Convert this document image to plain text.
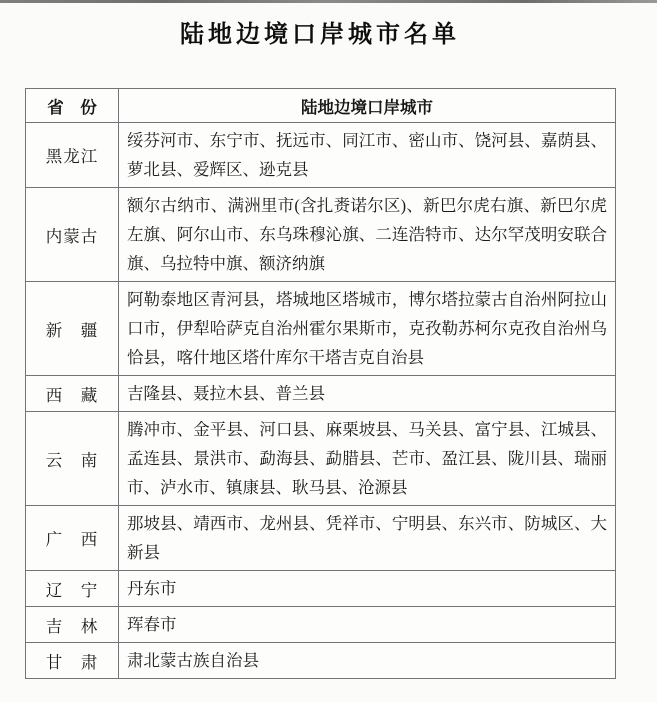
陆地边境口岸城市名单
省　份	陆地边境口岸城市
黑龙江	绥芬河市、东宁市、抚远市、同江市、密山市、饶河县、嘉荫县、萝北县、爱辉区、逊克县
内蒙古	额尔古纳市、满洲里市(含扎赉诺尔区)、新巴尔虎右旗、新巴尔虎左旗、阿尔山市、东乌珠穆沁旗、二连浩特市、达尔罕茂明安联合旗、乌拉特中旗、额济纳旗
新　疆	阿勒泰地区青河县，塔城地区塔城市，博尔塔拉蒙古自治州阿拉山口市，伊犁哈萨克自治州霍尔果斯市，克孜勒苏柯尔克孜自治州乌恰县，喀什地区塔什库尔干塔吉克自治县
西　藏	吉隆县、聂拉木县、普兰县
云　南	腾冲市、金平县、河口县、麻栗坡县、马关县、富宁县、江城县、孟连县、景洪市、勐海县、勐腊县、芒市、盈江县、陇川县、瑞丽市、泸水市、镇康县、耿马县、沧源县
广　西	那坡县、靖西市、龙州县、凭祥市、宁明县、东兴市、防城区、大新县
辽　宁	丹东市
吉　林	珲春市
甘　肃	肃北蒙古族自治县
